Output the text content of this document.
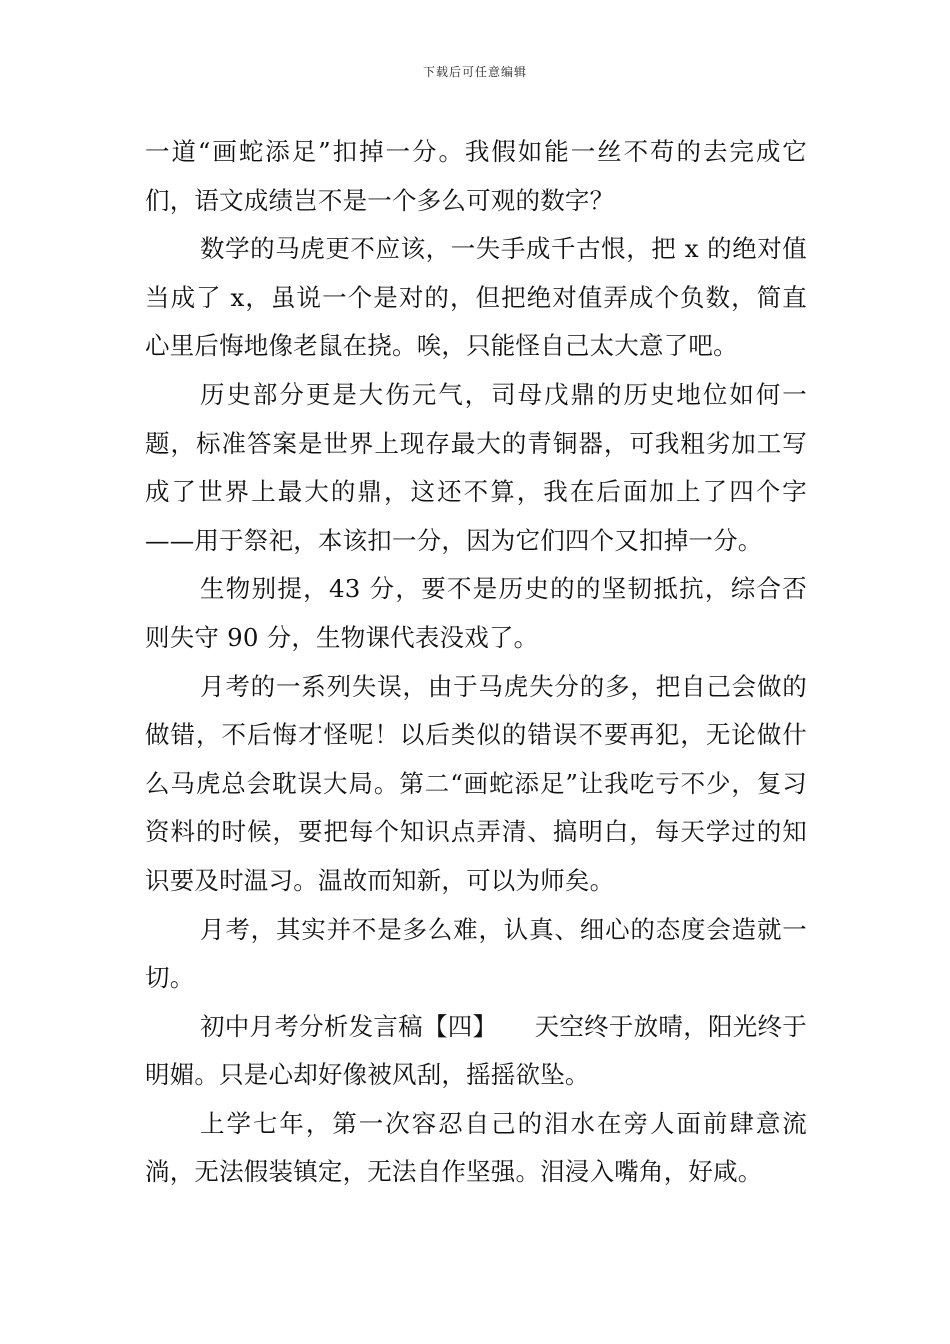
下载后可任意编辑

一道“画蛇添足”扣掉一分。我假如能一丝不苟的去完成它们，语文成绩岂不是一个多么可观的数字？

数学的马虎更不应该，一失手成千古恨，把 x 的绝对值当成了 x，虽说一个是对的，但把绝对值弄成个负数，简直心里后悔地像老鼠在挠。唉，只能怪自己太大意了吧。

历史部分更是大伤元气，司母戊鼎的历史地位如何一题，标准答案是世界上现存最大的青铜器，可我粗劣加工写成了世界上最大的鼎，这还不算，我在后面加上了四个字——用于祭祀，本该扣一分，因为它们四个又扣掉一分。

生物别提，43 分，要不是历史的的坚韧抵抗，综合否则失守 90 分，生物课代表没戏了。

月考的一系列失误，由于马虎失分的多，把自己会做的做错，不后悔才怪呢！以后类似的错误不要再犯，无论做什么马虎总会耽误大局。第二“画蛇添足”让我吃亏不少，复习资料的时候，要把每个知识点弄清、搞明白，每天学过的知识要及时温习。温故而知新，可以为师矣。

月考，其实并不是多么难，认真、细心的态度会造就一切。

初中月考分析发言稿【四】　　天空终于放晴，阳光终于明媚。只是心却好像被风刮，摇摇欲坠。

上学七年，第一次容忍自己的泪水在旁人面前肆意流淌，无法假装镇定，无法自作坚强。泪浸入嘴角，好咸。
